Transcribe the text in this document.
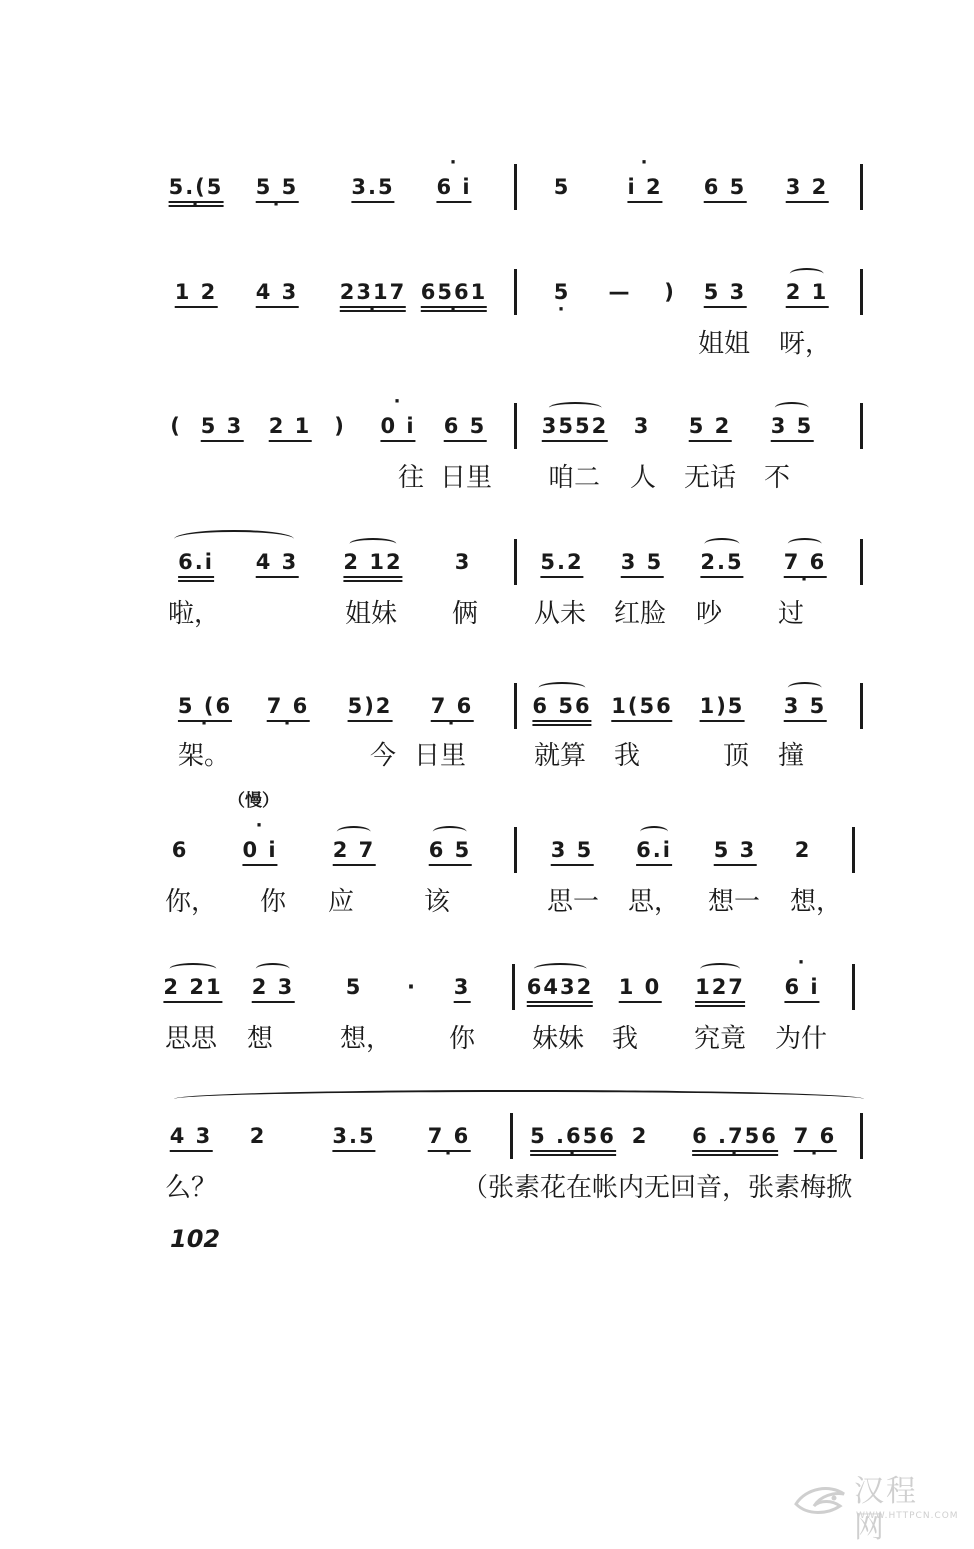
5.(5 · 5 5 ·	3.5 · 6 i	5	· i 2 6 5 3 2
1 2 4 3 2317 · 6561 ·	5 · — ) 5 3 2 1
姐姐 呀，
( 5 3 2 1 ) · 0 i 6 5	3552 3 5 2 3 5
往 日里 咱二 人 无话 不
6.i 4 3 2 12 3	5.2 3 5 2.5 7 6 ·
啦，	姐妹 俩 从未 红脸 吵 过
5 (6 · 7 6 · 5)2 7 6 ·	6 56 1(56 1)5 3 5
架。	今 日里	就算 我	顶 撞
（慢）
6	· 0 i	2 7	6 5	3 5 6.i 5 3 2
你， 你 应	该	思一 思， 想一 想，
2 21 2 3 5 · 3	6432 1 0 127 · 6 i
思思 想	想， 你 妹妹 我 究竟 为什
4 3 2	3.5 7 6 ·	5 .656 · 2 6 .756 · 7 6 ·
么？	（张素花在帐内无回音，张素梅掀
102
汉程网
WWW.HTTPCN.COM
